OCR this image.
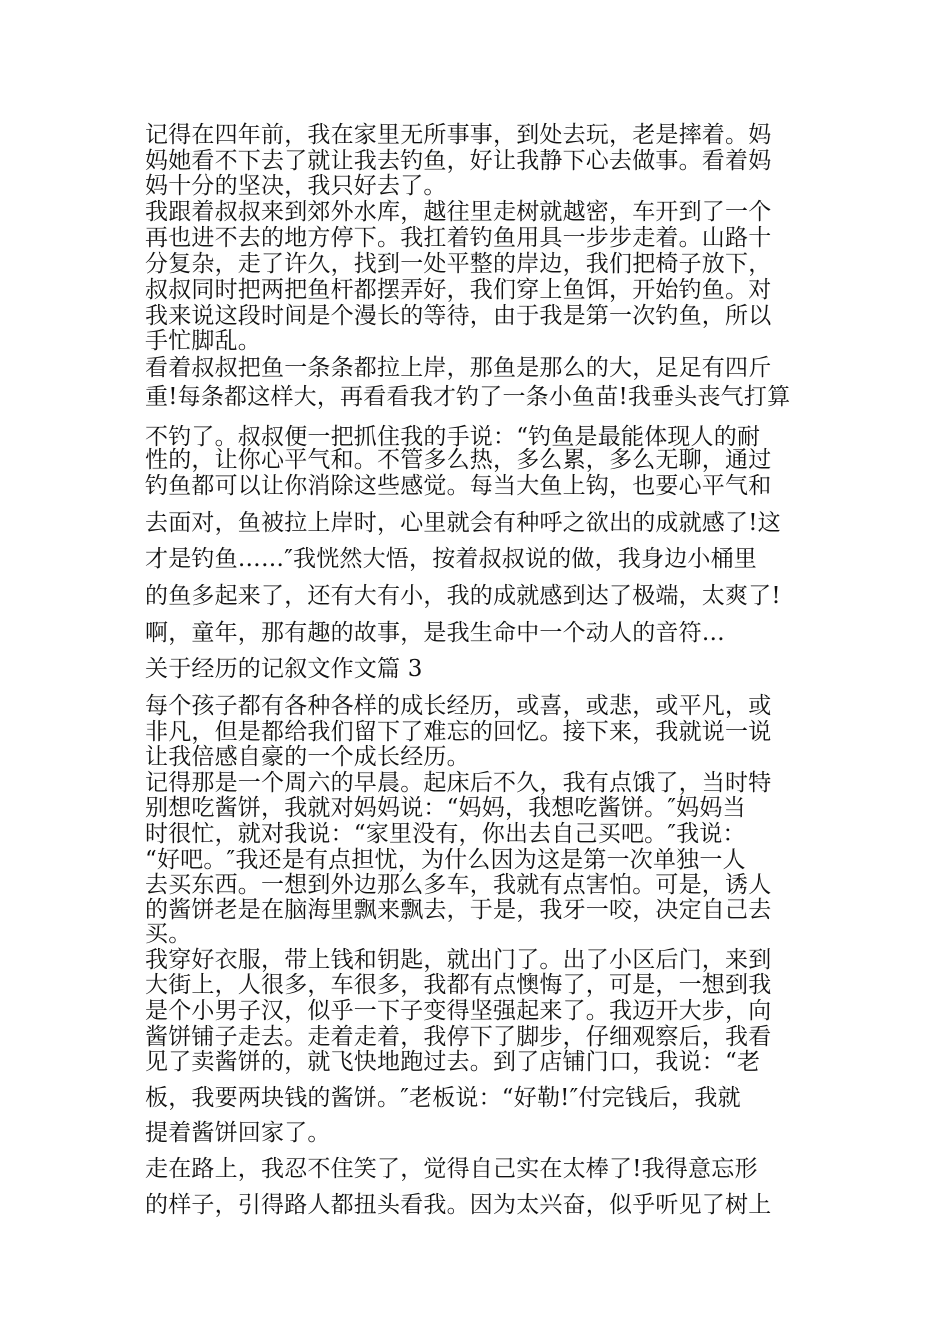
记得在四年前，我在家里无所事事，到处去玩，老是摔着。妈
妈她看不下去了就让我去钓鱼，好让我静下心去做事。看着妈
妈十分的坚决，我只好去了。
我跟着叔叔来到郊外水库，越往里走树就越密，车开到了一个
再也进不去的地方停下。我扛着钓鱼用具一步步走着。山路十
分复杂，走了许久，找到一处平整的岸边，我们把椅子放下，
叔叔同时把两把鱼杆都摆弄好，我们穿上鱼饵，开始钓鱼。对
我来说这段时间是个漫长的等待，由于我是第一次钓鱼，所以
手忙脚乱。
看着叔叔把鱼一条条都拉上岸，那鱼是那么的大，足足有四斤
重!每条都这样大，再看看我才钓了一条小鱼苗!我垂头丧气打算
不钓了。叔叔便一把抓住我的手说：“钓鱼是最能体现人的耐
性的，让你心平气和。不管多么热，多么累，多么无聊，通过
钓鱼都可以让你消除这些感觉。每当大鱼上钩，也要心平气和
去面对，鱼被拉上岸时，心里就会有种呼之欲出的成就感了!这
才是钓鱼……″我恍然大悟，按着叔叔说的做，我身边小桶里
的鱼多起来了，还有大有小，我的成就感到达了极端，太爽了!
啊，童年，那有趣的故事，是我生命中一个动人的音符…
关于经历的记叙文作文篇 3
每个孩子都有各种各样的成长经历，或喜，或悲，或平凡，或
非凡，但是都给我们留下了难忘的回忆。接下来，我就说一说
让我倍感自豪的一个成长经历。
记得那是一个周六的早晨。起床后不久，我有点饿了，当时特
别想吃酱饼，我就对妈妈说：“妈妈，我想吃酱饼。″妈妈当
时很忙，就对我说：“家里没有，你出去自己买吧。″我说：
“好吧。″我还是有点担忧，为什么因为这是第一次单独一人
去买东西。一想到外边那么多车，我就有点害怕。可是，诱人
的酱饼老是在脑海里飘来飘去，于是，我牙一咬，决定自己去
买。
我穿好衣服，带上钱和钥匙，就出门了。出了小区后门，来到
大街上，人很多，车很多，我都有点懊悔了，可是，一想到我
是个小男子汉，似乎一下子变得坚强起来了。我迈开大步，向
酱饼铺子走去。走着走着，我停下了脚步，仔细观察后，我看
见了卖酱饼的，就飞快地跑过去。到了店铺门口，我说：“老
板，我要两块钱的酱饼。″老板说：“好勒!″付完钱后，我就
提着酱饼回家了。
走在路上，我忍不住笑了，觉得自己实在太棒了!我得意忘形
的样子，引得路人都扭头看我。因为太兴奋，似乎听见了树上
